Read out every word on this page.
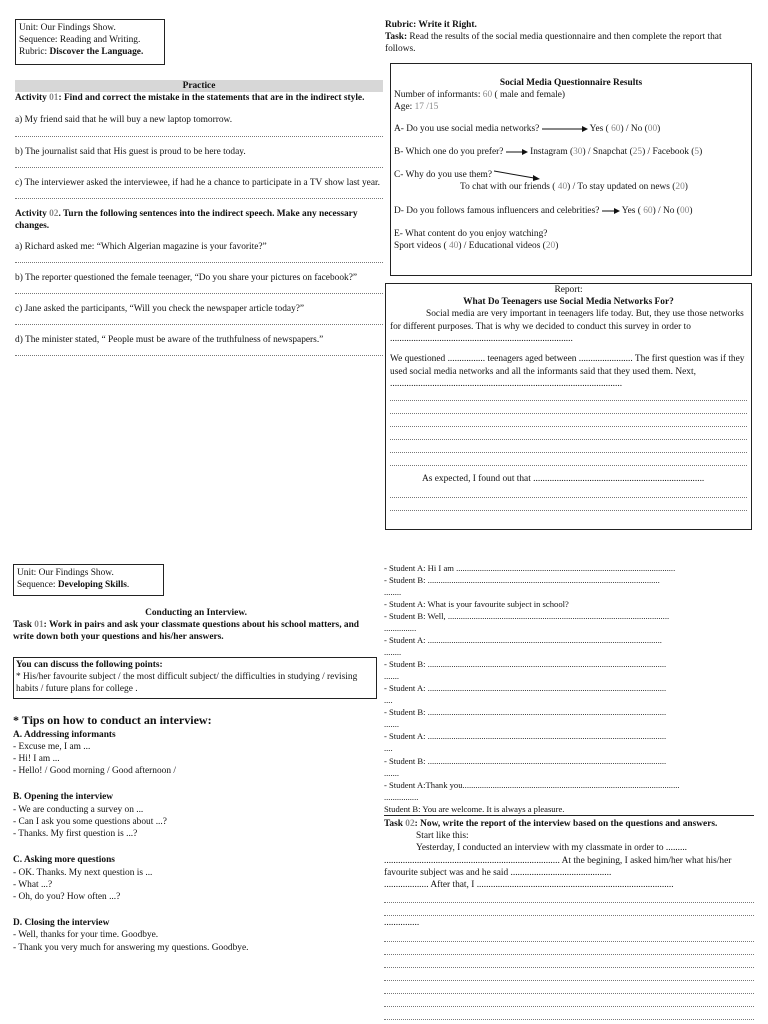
Unit: Our Findings Show.

Sequence: Reading and Writing.

Rubric: Discover the Language.

Practice

Activity 01: Find and correct the mistake in the statements that are in the indirect style.

a) My friend said that he will buy a new laptop tomorrow.

b) The journalist said that His guest is proud to be here today.

c) The interviewer asked the interviewee, if had he a chance to participate in a TV show last year.

Activity 02. Turn the following sentences into the indirect speech. Make any necessary changes.

a) Richard asked me: “Which Algerian magazine is your favorite?”

b) The reporter questioned the female teenager, “Do you share your pictures on facebook?”

c) Jane asked the participants, “Will you check the newspaper article today?”

d) The minister stated, “ People must be aware of the truthfulness of newspapers.”

Rubric: Write it Right.

Task: Read the results of the social media questionnaire and then complete the report that follows.

Social Media Questionnaire Results

Number of informants: 60 ( male and female)

Age: 17 /15

A- Do you use social media networks?	Yes ( 60) / No (00)

B- Which one do you prefer?	Instagram (30) / Snapchat (25) / Facebook (5)

C- Why do you use them?

To chat with our friends ( 40) / To stay updated on news (20)

D- Do you follows famous influencers and celebrities? Yes ( 60) / No (00)

E- What content do you enjoy watching?

Sport videos ( 40) / Educational videos (20)

Report:

What Do Teenagers use Social Media Networks For?

Social media are very important in teenagers life today. But, they use those networks for different purposes. That is why we decided to conduct this survey in order to ..............................................................................

We questioned ................ teenagers aged between ....................... The first question was if they used social media networks and all the informants said that they used them. Next, ...................................................................................................

As expected, I found out that .........................................................................

Unit: Our Findings Show.

Sequence: Developing Skills.

Conducting an Interview.

Task 01: Work in pairs and ask your classmate questions about his school matters, and write down both your questions and his/her answers.

You can discuss the following points:

* His/her favourite subject / the most difficult subject/ the difficulties in studying / revising habits / future plans for college .

* Tips on how to conduct an interview:

A. Addressing informants

- Excuse me, I am ...

- Hi! I am ...

- Hello! / Good morning / Good afternoon /

B. Opening the interview

- We are conducting a survey on ...

- Can I ask you some questions about ...?

- Thanks. My first question is ...?

C. Asking more questions

- OK. Thanks. My next question is ...

- What ...?

- Oh, do you? How often ...?

D. Closing the interview

- Well, thanks for your time. Goodbye.

- Thank you very much for answering my questions. Goodbye.

- Student A: Hi I am ......................................................................................................

- Student B: ............................................................................................................

........

- Student A: What is your favourite subject in school?

- Student B: Well, .......................................................................................................

...............

- Student A: .............................................................................................................

........

- Student B: ...............................................................................................................

.......

- Student A: ...............................................................................................................

....

- Student B: ...............................................................................................................

.......

- Student A: ...............................................................................................................

....

- Student B: ...............................................................................................................

.......

- Student A:Thank you.....................................................................................................

................

Student B: You are welcome. It is always a pleasure.

Task 02: Now, write the report of the interview based on the questions and answers.

Start like this:

Yesterday, I conducted an interview with my classmate in order to .........

........................................................................... At the begining, I asked him/her what his/her favourite subject was and he said ...........................................

................... After that, I ....................................................................................

...............
